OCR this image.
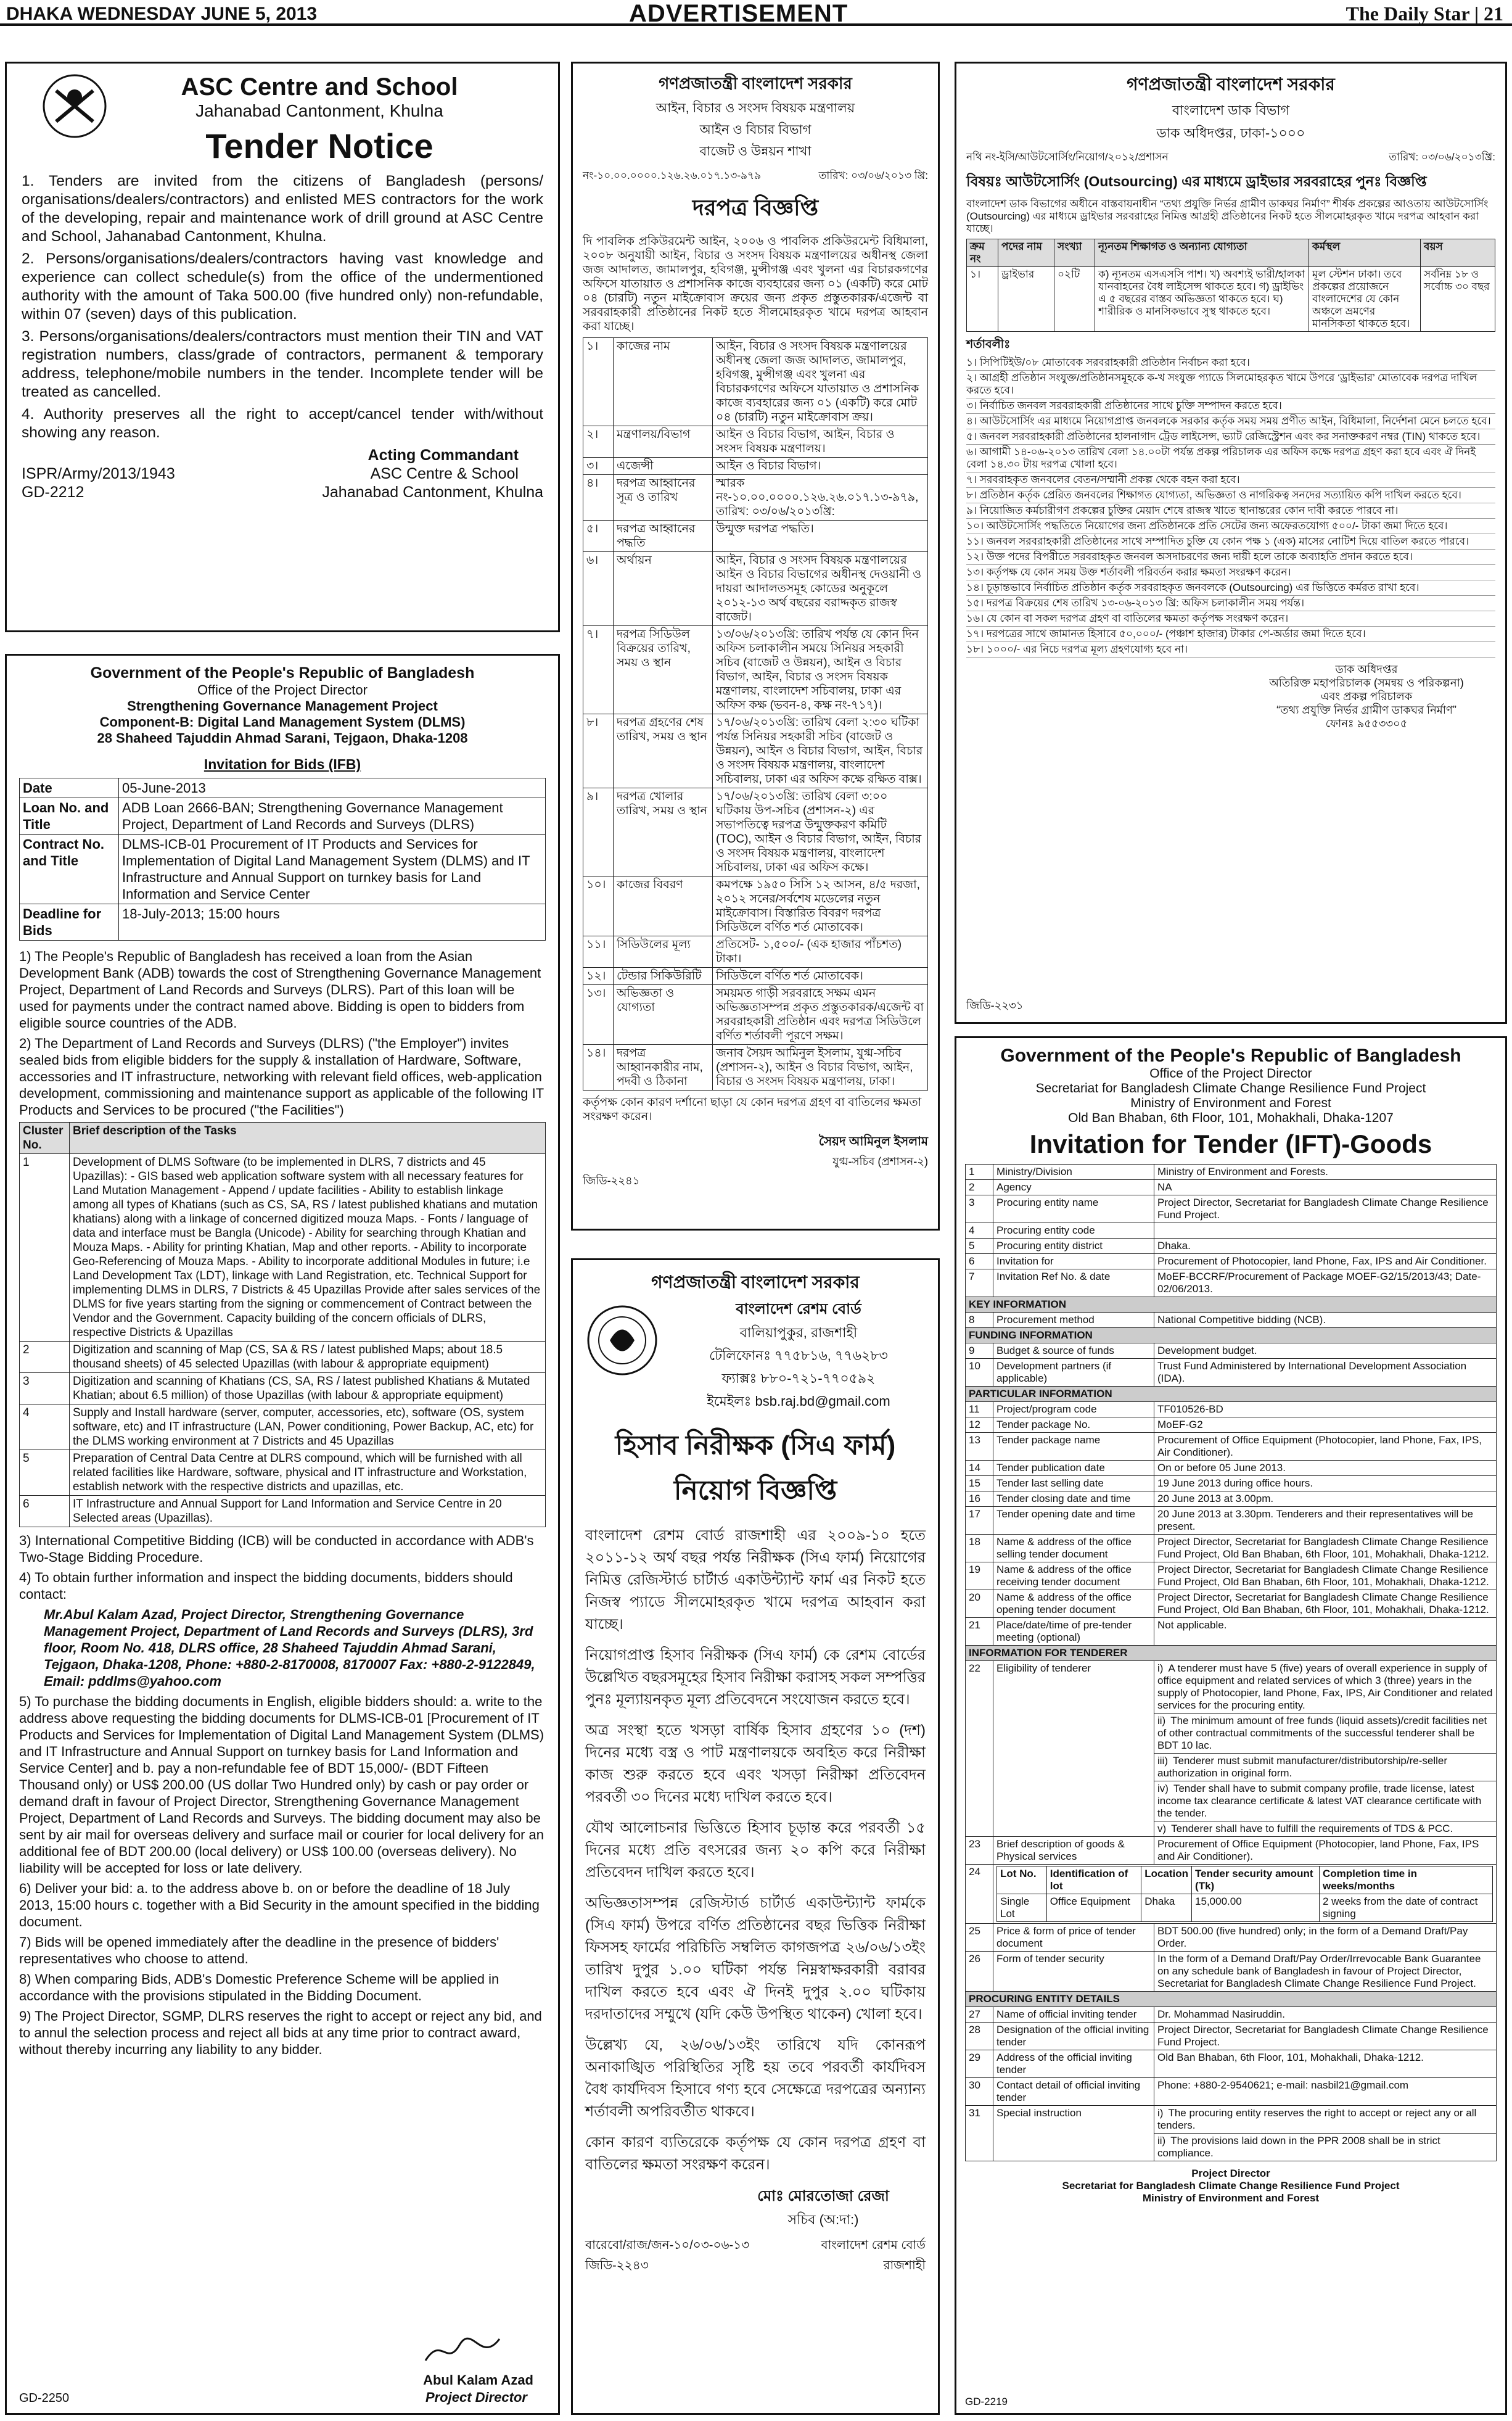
DHAKA WEDNESDAY JUNE 5, 2013	ADVERTISEMENT	The Daily Star | 21
ASC Centre and School
Jahanabad Cantonment, Khulna
Tender Notice

1. Tenders are invited from the citizens of Bangladesh (persons/ organisations/dealers/contractors) and enlisted MES contractors for the work of the developing, repair and maintenance work of drill ground at ASC Centre and School, Jahanabad Cantonment, Khulna.

2. Persons/organisations/dealers/contractors having vast knowledge and experience can collect schedule(s) from the office of the undermentioned authority with the amount of Taka 500.00 (five hundred only) non-refundable, within 07 (seven) days of this publication.

3. Persons/organisations/dealers/contractors must mention their TIN and VAT registration numbers, class/grade of contractors, permanent & temporary address, telephone/mobile numbers in the tender. Incomplete tender will be treated as cancelled.

4. Authority preserves all the right to accept/cancel tender with/without showing any reason.

Acting Commandant
ASC Centre & School
Jahanabad Cantonment, Khulna
ISPR/Army/2013/1943
GD-2212
Government of the People's Republic of Bangladesh
Office of the Project Director
Strengthening Governance Management Project
Component-B: Digital Land Management System (DLMS)
28 Shaheed Tajuddin Ahmad Sarani, Tejgaon, Dhaka-1208
Invitation for Bids (IFB)
Date	05-June-2013
Loan No. and Title	ADB Loan 2666-BAN; Strengthening Governance Management Project, Department of Land Records and Surveys (DLRS)
Contract No. and Title	DLMS-ICB-01 Procurement of IT Products and Services for Implementation of Digital Land Management System (DLMS) and IT Infrastructure and Annual Support on turnkey basis for Land Information and Service Center
Deadline for Bids	18-July-2013; 15:00 hours

1) The People's Republic of Bangladesh has received a loan from the Asian Development Bank (ADB) towards the cost of Strengthening Governance Management Project, Department of Land Records and Surveys (DLRS). Part of this loan will be used for payments under the contract named above. Bidding is open to bidders from eligible source countries of the ADB.

2) The Department of Land Records and Surveys (DLRS) ("the Employer") invites sealed bids from eligible bidders for the supply & installation of Hardware, Software, accessories and IT infrastructure, networking with relevant field offices, web-application development, commissioning and maintenance support as applicable of the following IT Products and Services to be procured ("the Facilities")

Cluster No.	Brief description of the Tasks
1	Development of DLMS Software (to be implemented in DLRS, 7 districts and 45 Upazillas): - GIS based web application software system with all necessary features for Land Mutation Management - Append / update facilities - Ability to establish linkage among all types of Khatians (such as CS, SA, RS / latest published khatians and mutation khatians) along with a linkage of concerned digitized mouza Maps. - Fonts / language of data and interface must be Bangla (Unicode) - Ability for searching through Khatian and Mouza Maps. - Ability for printing Khatian, Map and other reports. - Ability to incorporate Geo-Referencing of Mouza Maps. - Ability to incorporate additional Modules in future; i.e Land Development Tax (LDT), linkage with Land Registration, etc. Technical Support for implementing DLMS in DLRS, 7 Districts & 45 Upazillas Provide after sales services of the DLMS for five years starting from the signing or commencement of Contract between the Vendor and the Government. Capacity building of the concern officials of DLRS, respective Districts & Upazillas
2	Digitization and scanning of Map (CS, SA & RS / latest published Maps; about 18.5 thousand sheets) of 45 selected Upazillas (with labour & appropriate equipment)
3	Digitization and scanning of Khatians (CS, SA, RS / latest published Khatians & Mutated Khatian; about 6.5 million) of those Upazillas (with labour & appropriate equipment)
4	Supply and Install hardware (server, computer, accessories, etc), software (OS, system software, etc) and IT infrastructure (LAN, Power conditioning, Power Backup, AC, etc) for the DLMS working environment at 7 Districts and 45 Upazillas
5	Preparation of Central Data Centre at DLRS compound, which will be furnished with all related facilities like Hardware, software, physical and IT infrastructure and Workstation, establish network with the respective districts and upazillas, etc.
6	IT Infrastructure and Annual Support for Land Information and Service Centre in 20 Selected areas (Upazillas).

3) International Competitive Bidding (ICB) will be conducted in accordance with ADB's Two-Stage Bidding Procedure.

4) To obtain further information and inspect the bidding documents, bidders should contact:

Mr.Abul Kalam Azad, Project Director, Strengthening Governance Management Project, Department of Land Records and Surveys (DLRS), 3rd floor, Room No. 418, DLRS office, 28 Shaheed Tajuddin Ahmad Sarani, Tejgaon, Dhaka-1208, Phone: +880-2-8170008, 8170007 Fax: +880-2-9122849, Email: pddlms@yahoo.com

5) To purchase the bidding documents in English, eligible bidders should: a. write to the address above requesting the bidding documents for DLMS-ICB-01 [Procurement of IT Products and Services for Implementation of Digital Land Management System (DLMS) and IT Infrastructure and Annual Support on turnkey basis for Land Information and Service Center] and b. pay a non-refundable fee of BDT 15,000/- (BDT Fifteen Thousand only) or US$ 200.00 (US dollar Two Hundred only) by cash or pay order or demand draft in favour of Project Director, Strengthening Governance Management Project, Department of Land Records and Surveys. The bidding document may also be sent by air mail for overseas delivery and surface mail or courier for local delivery for an additional fee of BDT 200.00 (local delivery) or US$ 100.00 (overseas delivery). No liability will be accepted for loss or late delivery.

6) Deliver your bid: a. to the address above b. on or before the deadline of 18 July 2013, 15:00 hours c. together with a Bid Security in the amount specified in the bidding document.

7) Bids will be opened immediately after the deadline in the presence of bidders' representatives who choose to attend.

8) When comparing Bids, ADB's Domestic Preference Scheme will be applied in accordance with the provisions stipulated in the Bidding Document.

9) The Project Director, SGMP, DLRS reserves the right to accept or reject any bid, and to annul the selection process and reject all bids at any time prior to contract award, without thereby incurring any liability to any bidder.

GD-2250
Abul Kalam Azad
Project Director
গণপ্রজাতন্ত্রী বাংলাদেশ সরকার
আইন, বিচার ও সংসদ বিষয়ক মন্ত্রণালয়
আইন ও বিচার বিভাগ
বাজেট ও উন্নয়ন শাখা
নং-১০.০০.০০০০.১২৬.২৬.০১৭.১৩-৯৭৯	তারিখ: ০৩/০৬/২০১৩ খ্রি:
দরপত্র বিজ্ঞপ্তি

দি পাবলিক প্রকিউরমেন্ট আইন, ২০০৬ ও পাবলিক প্রকিউরমেন্ট বিধিমালা, ২০০৮ অনুযায়ী আইন, বিচার ও সংসদ বিষয়ক মন্ত্রণালয়ের অধীনস্থ জেলা জজ আদালত, জামালপুর, হবিগঞ্জ, মুন্সীগঞ্জ এবং খুলনা এর বিচারকগণের অফিসে যাতায়াত ও প্রশাসনিক কাজে ব্যবহারের জন্য ০১ (একটি) করে মোট ০৪ (চারটি) নতুন মাইক্রোবাস ক্রয়ের জন্য প্রকৃত প্রস্তুতকারক/এজেন্ট বা সরবরাহকারী প্রতিষ্ঠানের নিকট হতে সীলমোহরকৃত খামে দরপত্র আহবান করা যাচ্ছে।

১।	কাজের নাম	আইন, বিচার ও সংসদ বিষয়ক মন্ত্রণালয়ের অধীনস্থ জেলা জজ আদালত, জামালপুর, হবিগঞ্জ, মুন্সীগঞ্জ এবং খুলনা এর বিচারকগণের অফিসে যাতায়াত ও প্রশাসনিক কাজে ব্যবহারের জন্য ০১ (একটি) করে মোট ০৪ (চারটি) নতুন মাইক্রোবাস ক্রয়।
২।	মন্ত্রণালয়/বিভাগ	আইন ও বিচার বিভাগ, আইন, বিচার ও সংসদ বিষয়ক মন্ত্রণালয়।
৩।	এজেন্সী	আইন ও বিচার বিভাগ।
৪।	দরপত্র আহ্বানের সূত্র ও তারিখ	স্মারক নং-১০.০০.০০০০.১২৬.২৬.০১৭.১৩-৯৭৯, তারিখ: ০৩/০৬/২০১৩খ্রি:
৫।	দরপত্র আহ্বানের পদ্ধতি	উন্মুক্ত দরপত্র পদ্ধতি।
৬।	অর্থায়ন	আইন, বিচার ও সংসদ বিষয়ক মন্ত্রণালয়ের আইন ও বিচার বিভাগের অধীনস্থ দেওয়ানী ও দায়রা আদালতসমূহ কোডের অনুকূলে ২০১২-১৩ অর্থ বছরের বরাদ্দকৃত রাজস্ব বাজেট।
৭।	দরপত্র সিডিউল বিক্রয়ের তারিখ, সময় ও স্থান	১৩/০৬/২০১৩খ্রি: তারিখ পর্যন্ত যে কোন দিন অফিস চলাকালীন সময়ে সিনিয়র সহকারী সচিব (বাজেট ও উন্নয়ন), আইন ও বিচার বিভাগ, আইন, বিচার ও সংসদ বিষয়ক মন্ত্রণালয়, বাংলাদেশ সচিবালয়, ঢাকা এর অফিস কক্ষ (ভবন-৪, কক্ষ নং-৭১৭)।
৮।	দরপত্র গ্রহণের শেষ তারিখ, সময় ও স্থান	১৭/০৬/২০১৩খ্রি: তারিখ বেলা ২:৩০ ঘটিকা পর্যন্ত সিনিয়র সহকারী সচিব (বাজেট ও উন্নয়ন), আইন ও বিচার বিভাগ, আইন, বিচার ও সংসদ বিষয়ক মন্ত্রণালয়, বাংলাদেশ সচিবালয়, ঢাকা এর অফিস কক্ষে রক্ষিত বাক্স।
৯।	দরপত্র খোলার তারিখ, সময় ও স্থান	১৭/০৬/২০১৩খ্রি: তারিখ বেলা ৩:০০ ঘটিকায় উপ-সচিব (প্রশাসন-২) এর সভাপতিত্বে দরপত্র উন্মুক্তকরণ কমিটি (TOC), আইন ও বিচার বিভাগ, আইন, বিচার ও সংসদ বিষয়ক মন্ত্রণালয়, বাংলাদেশ সচিবালয়, ঢাকা এর অফিস কক্ষে।
১০।	কাজের বিবরণ	কমপক্ষে ১৯৫০ সিসি ১২ আসন, ৪/৫ দরজা, ২০১২ সনের/সর্বশেষ মডেলের নতুন মাইক্রোবাস। বিস্তারিত বিবরণ দরপত্র সিডিউলে বর্ণিত শর্ত মোতাবেক।
১১।	সিডিউলের মূল্য	প্রতিসেট- ১,৫০০/- (এক হাজার পাঁচশত) টাকা।
১২।	টেন্ডার সিকিউরিটি	সিডিউলে বর্ণিত শর্ত মোতাবেক।
১৩।	অভিজ্ঞতা ও যোগ্যতা	সময়মত গাড়ী সরবরাহে সক্ষম এমন অভিজ্ঞতাসম্পন্ন প্রকৃত প্রস্তুতকারক/এজেন্ট বা সরবরাহকারী প্রতিষ্ঠান এবং দরপত্র সিডিউলে বর্ণিত শর্তাবলী পূরণে সক্ষম।
১৪।	দরপত্র আহ্বানকারীর নাম, পদবী ও ঠিকানা	জনাব সৈয়দ আমিনুল ইসলাম, যুগ্ম-সচিব (প্রশাসন-২), আইন ও বিচার বিভাগ, আইন, বিচার ও সংসদ বিষয়ক মন্ত্রণালয়, ঢাকা।

কর্তৃপক্ষ কোন কারণ দর্শানো ছাড়া যে কোন দরপত্র গ্রহণ বা বাতিলের ক্ষমতা সংরক্ষণ করেন।

সৈয়দ আমিনুল ইসলাম
যুগ্ম-সচিব (প্রশাসন-২)
জিডি-২২৪১
গণপ্রজাতন্ত্রী বাংলাদেশ সরকার
বাংলাদেশ রেশম বোর্ড
বালিয়াপুকুর, রাজশাহী
টেলিফোনঃ ৭৭৫৮১৬, ৭৭৬২৮৩
ফ্যাক্সঃ ৮৮০-৭২১-৭৭০৫৯২
ইমেইলঃ bsb.raj.bd@gmail.com
হিসাব নিরীক্ষক (সিএ ফার্ম)
নিয়োগ বিজ্ঞপ্তি

বাংলাদেশ রেশম বোর্ড রাজশাহী এর ২০০৯-১০ হতে ২০১১-১২ অর্থ বছর পর্যন্ত নিরীক্ষক (সিএ ফার্ম) নিয়োগের নিমিত্ত রেজিস্টার্ড চার্টার্ড একাউন্ট্যান্ট ফার্ম এর নিকট হতে নিজস্ব প্যাডে সীলমোহরকৃত খামে দরপত্র আহবান করা যাচ্ছে।

নিয়োগপ্রাপ্ত হিসাব নিরীক্ষক (সিএ ফার্ম) কে রেশম বোর্ডের উল্লেখিত বছরসমূহের হিসাব নিরীক্ষা করাসহ সকল সম্পত্তির পুনঃ মূল্যায়নকৃত মূল্য প্রতিবেদনে সংযোজন করতে হবে।

অত্র সংস্থা হতে খসড়া বার্ষিক হিসাব গ্রহণের ১০ (দশ) দিনের মধ্যে বস্ত্র ও পাট মন্ত্রণালয়কে অবহিত করে নিরীক্ষা কাজ শুরু করতে হবে এবং খসড়া নিরীক্ষা প্রতিবেদন পরবর্তী ৩০ দিনের মধ্যে দাখিল করতে হবে।

যৌথ আলোচনার ভিত্তিতে হিসাব চূড়ান্ত করে পরবর্তী ১৫ দিনের মধ্যে প্রতি বৎসরের জন্য ২০ কপি করে নিরীক্ষা প্রতিবেদন দাখিল করতে হবে।

অভিজ্ঞতাসম্পন্ন রেজিস্টার্ড চার্টার্ড একাউন্ট্যান্ট ফার্মকে (সিএ ফার্ম) উপরে বর্ণিত প্রতিষ্ঠানের বছর ভিত্তিক নিরীক্ষা ফিসসহ ফার্মের পরিচিতি সম্বলিত কাগজপত্র ২৬/০৬/১৩ইং তারিখ দুপুর ১.০০ ঘটিকা পর্যন্ত নিম্নস্বাক্ষরকারী বরাবর দাখিল করতে হবে এবং ঐ দিনই দুপুর ২.০০ ঘটিকায় দরদাতাদের সম্মুখে (যদি কেউ উপস্থিত থাকেন) খোলা হবে।

উল্লেখ্য যে, ২৬/০৬/১৩ইং তারিখে যদি কোনরূপ অনাকাঙ্খিত পরিস্থিতির সৃষ্টি হয় তবে পরবর্তী কার্যদিবস বৈধ কার্যদিবস হিসাবে গণ্য হবে সেক্ষেত্রে দরপত্রের অন্যান্য শর্তাবলী অপরিবর্তীত থাকবে।

কোন কারণ ব্যতিরেকে কর্তৃপক্ষ যে কোন দরপত্র গ্রহণ বা বাতিলের ক্ষমতা সংরক্ষণ করেন।

মোঃ মোরতোজা রেজা
সচিব (অ:দা:)
বারেবো/রাজ/জন-১০/০৩-০৬-১৩	বাংলাদেশ রেশম বোর্ড
জিডি-২২৪৩	রাজশাহী
গণপ্রজাতন্ত্রী বাংলাদেশ সরকার
বাংলাদেশ ডাক বিভাগ
ডাক অধিদপ্তর, ঢাকা-১০০০
নথি নং-ইসি/আউটসোর্সিং/নিয়োগ/২০১২/প্রশাসন	তারিখ: ০৩/০৬/২০১৩খ্রি:
বিষয়ঃ আউটসোর্সিং (Outsourcing) এর মাধ্যমে ড্রাইভার সরবরাহের পুনঃ বিজ্ঞপ্তি

বাংলাদেশ ডাক বিভাগের অধীনে বাস্তবায়নাধীন “তথ্য প্রযুক্তি নির্ভর গ্রামীণ ডাকঘর নির্মাণ” শীর্ষক প্রকল্পের আওতায় আউটসোর্সিং (Outsourcing) এর মাধ্যমে ড্রাইভার সরবরাহের নিমিত্ত আগ্রহী প্রতিষ্ঠানের নিকট হতে সীলমোহরকৃত খামে দরপত্র আহবান করা যাচ্ছে।

ক্রম নং	পদের নাম	সংখ্যা	ন্যূনতম শিক্ষাগত ও অন্যান্য যোগ্যতা	কর্মস্থল	বয়স
১।	ড্রাইভার	০২টি	ক) ন্যূনতম এসএসসি পাশ। খ) অবশ্যই ভারী/হালকা যানবাহনের বৈধ লাইসেন্স থাকতে হবে। গ) ড্রাইভিং এ ৫ বছরের বাস্তব অভিজ্ঞতা থাকতে হবে। ঘ) শারীরিক ও মানসিকভাবে সুস্থ থাকতে হবে।	মূল স্টেশন ঢাকা। তবে প্রকল্পের প্রয়োজনে বাংলাদেশের যে কোন অঞ্চলে ভ্রমণের মানসিকতা থাকতে হবে।	সর্বনিম্ন ১৮ ও সর্বোচ্চ ৩০ বছর
শর্তাবলীঃ
১। সিপিটিইউ/০৮ মোতাবেক সরবরাহকারী প্রতিষ্ঠান নির্বাচন করা হবে।
২। আগ্রহী প্রতিষ্ঠান সংযুক্ত/প্রতিষ্ঠানসমূহকে ক-খ সংযুক্ত প্যাডে সিলমোহরকৃত খামে উপরে ‘ড্রাইভার’ মোতাবেক দরপত্র দাখিল করতে হবে।
৩। নির্বাচিত জনবল সরবরাহকারী প্রতিষ্ঠানের সাথে চুক্তি সম্পাদন করতে হবে।
৪। আউটসোর্সিং এর মাধ্যমে নিয়োগপ্রাপ্ত জনবলকে সরকার কর্তৃক সময় সময় প্রণীত আইন, বিধিমালা, নির্দেশনা মেনে চলতে হবে।
৫। জনবল সরবরাহকারী প্রতিষ্ঠানের হালনাগাদ ট্রেড লাইসেন্স, ভ্যাট রেজিস্ট্রেশন এবং কর সনাক্তকরণ নম্বর (TIN) থাকতে হবে।
৬। আগামী ১৪-০৬-২০১৩ তারিখ বেলা ১৪.০০টা পর্যন্ত প্রকল্প পরিচালক এর অফিস কক্ষে দরপত্র গ্রহণ করা হবে এবং ঐ দিনই বেলা ১৪.৩০ টায় দরপত্র খোলা হবে।
৭। সরবরাহকৃত জনবলের বেতন/সম্মানী প্রকল্প থেকে বহন করা হবে।
৮। প্রতিষ্ঠান কর্তৃক প্রেরিত জনবলের শিক্ষাগত যোগ্যতা, অভিজ্ঞতা ও নাগরিকত্ব সনদের সত্যায়িত কপি দাখিল করতে হবে।
৯। নিয়োজিত কর্মচারীগণ প্রকল্পের চুক্তির মেয়াদ শেষে রাজস্ব খাতে স্থানান্তরের কোন দাবী করতে পারবে না।
১০। আউটসোর্সিং পদ্ধতিতে নিয়োগের জন্য প্রতিষ্ঠানকে প্রতি সেটের জন্য অফেরতযোগ্য ৫০০/- টাকা জমা দিতে হবে।
১১। জনবল সরবরাহকারী প্রতিষ্ঠানের সাথে সম্পাদিত চুক্তি যে কোন পক্ষ ১ (এক) মাসের নোটিশ দিয়ে বাতিল করতে পারবে।
১২। উক্ত পদের বিপরীতে সরবরাহকৃত জনবল অসদাচরণের জন্য দায়ী হলে তাকে অব্যাহতি প্রদান করতে হবে।
১৩। কর্তৃপক্ষ যে কোন সময় উক্ত শর্তাবলী পরিবর্তন করার ক্ষমতা সংরক্ষণ করেন।
১৪। চূড়ান্তভাবে নির্বাচিত প্রতিষ্ঠান কর্তৃক সরবরাহকৃত জনবলকে (Outsourcing) এর ভিত্তিতে কর্মরত রাখা হবে।
১৫। দরপত্র বিক্রয়ের শেষ তারিখ ১৩-০৬-২০১৩ খ্রি: অফিস চলাকালীন সময় পর্যন্ত।
১৬। যে কোন বা সকল দরপত্র গ্রহণ বা বাতিলের ক্ষমতা কর্তৃপক্ষ সংরক্ষণ করেন।
১৭। দরপত্রের সাথে জামানত হিসাবে ৫০,০০০/- (পঞ্চাশ হাজার) টাকার পে-অর্ডার জমা দিতে হবে।
১৮। ১০০০/- এর নিচে দরপত্র মূল্য গ্রহণযোগ্য হবে না।
ডাক অধিদপ্তর
অতিরিক্ত মহাপরিচালক (সমন্বয় ও পরিকল্পনা)
এবং প্রকল্প পরিচালক
“তথ্য প্রযুক্তি নির্ভর গ্রামীণ ডাকঘর নির্মাণ”
ফোনঃ ৯৫৫৩৩০৫
জিডি-২২৩১
Government of the People's Republic of Bangladesh
Office of the Project Director
Secretariat for Bangladesh Climate Change Resilience Fund Project
Ministry of Environment and Forest
Old Ban Bhaban, 6th Floor, 101, Mohakhali, Dhaka-1207
Invitation for Tender (IFT)-Goods
1	Ministry/Division	Ministry of Environment and Forests.
2	Agency	NA
3	Procuring entity name	Project Director, Secretariat for Bangladesh Climate Change Resilience Fund Project.
4	Procuring entity code	
5	Procuring entity district	Dhaka.
6	Invitation for	Procurement of Photocopier, land Phone, Fax, IPS and Air Conditioner.
7	Invitation Ref No. & date	MoEF-BCCRF/Procurement of Package MOEF-G2/15/2013/43; Date-02/06/2013.
KEY INFORMATION
8	Procurement method	National Competitive bidding (NCB).
FUNDING INFORMATION
9	Budget & source of funds	Development budget.
10	Development partners (if applicable)	Trust Fund Administered by International Development Association (IDA).
PARTICULAR INFORMATION
11	Project/program code	TF010526-BD
12	Tender package No.	MoEF-G2
13	Tender package name	Procurement of Office Equipment (Photocopier, land Phone, Fax, IPS, Air Conditioner).
14	Tender publication date	On or before 05 June 2013.
15	Tender last selling date	19 June 2013 during office hours.
16	Tender closing date and time	20 June 2013 at 3.00pm.
17	Tender opening date and time	20 June 2013 at 3.30pm. Tenderers and their representatives will be present.
18	Name & address of the office selling tender document	Project Director, Secretariat for Bangladesh Climate Change Resilience Fund Project, Old Ban Bhaban, 6th Floor, 101, Mohakhali, Dhaka-1212.
19	Name & address of the office receiving tender document	Project Director, Secretariat for Bangladesh Climate Change Resilience Fund Project, Old Ban Bhaban, 6th Floor, 101, Mohakhali, Dhaka-1212.
20	Name & address of the office opening tender document	Project Director, Secretariat for Bangladesh Climate Change Resilience Fund Project, Old Ban Bhaban, 6th Floor, 101, Mohakhali, Dhaka-1212.
21	Place/date/time of pre-tender meeting (optional)	Not applicable.
INFORMATION FOR TENDERER
22	Eligibility of tenderer	i) A tenderer must have 5 (five) years of overall experience in supply of office equipment and related services of which 3 (three) years in the supply of Photocopier, land Phone, Fax, IPS, Air Conditioner and related services for the procuring entity.
ii) The minimum amount of free funds (liquid assets)/credit facilities net of other contractual commitments of the successful tenderer shall be BDT 10 lac.
iii) Tenderer must submit manufacturer/distributorship/re-seller authorization in original form.
iv) Tender shall have to submit company profile, trade license, latest income tax clearance certificate & latest VAT clearance certificate with the tender.
v) Tenderer shall have to fulfill the requirements of TDS & PCC.
23	Brief description of goods & Physical services	Procurement of Office Equipment (Photocopier, land Phone, Fax, IPS and Air Conditioner).
24	Lot No.	Identification of lot	Location	Tender security amount (Tk)	Completion time in weeks/months
Single Lot	Office Equipment	Dhaka	15,000.00	2 weeks from the date of contract signing

25	Price & form of price of tender document	BDT 500.00 (five hundred) only; in the form of a Demand Draft/Pay Order.
26	Form of tender security	In the form of a Demand Draft/Pay Order/Irrevocable Bank Guarantee on any schedule bank of Bangladesh in favour of Project Director, Secretariat for Bangladesh Climate Change Resilience Fund Project.
PROCURING ENTITY DETAILS
27	Name of official inviting tender	Dr. Mohammad Nasiruddin.
28	Designation of the official inviting tender	Project Director, Secretariat for Bangladesh Climate Change Resilience Fund Project.
29	Address of the official inviting tender	Old Ban Bhaban, 6th Floor, 101, Mohakhali, Dhaka-1212.
30	Contact detail of official inviting tender	Phone: +880-2-9540621; e-mail: nasbil21@gmail.com
31	Special instruction	i) The procuring entity reserves the right to accept or reject any or all tenders.
ii) The provisions laid down in the PPR 2008 shall be in strict compliance.
Project Director
Secretariat for Bangladesh Climate Change Resilience Fund Project
Ministry of Environment and Forest
GD-2219
